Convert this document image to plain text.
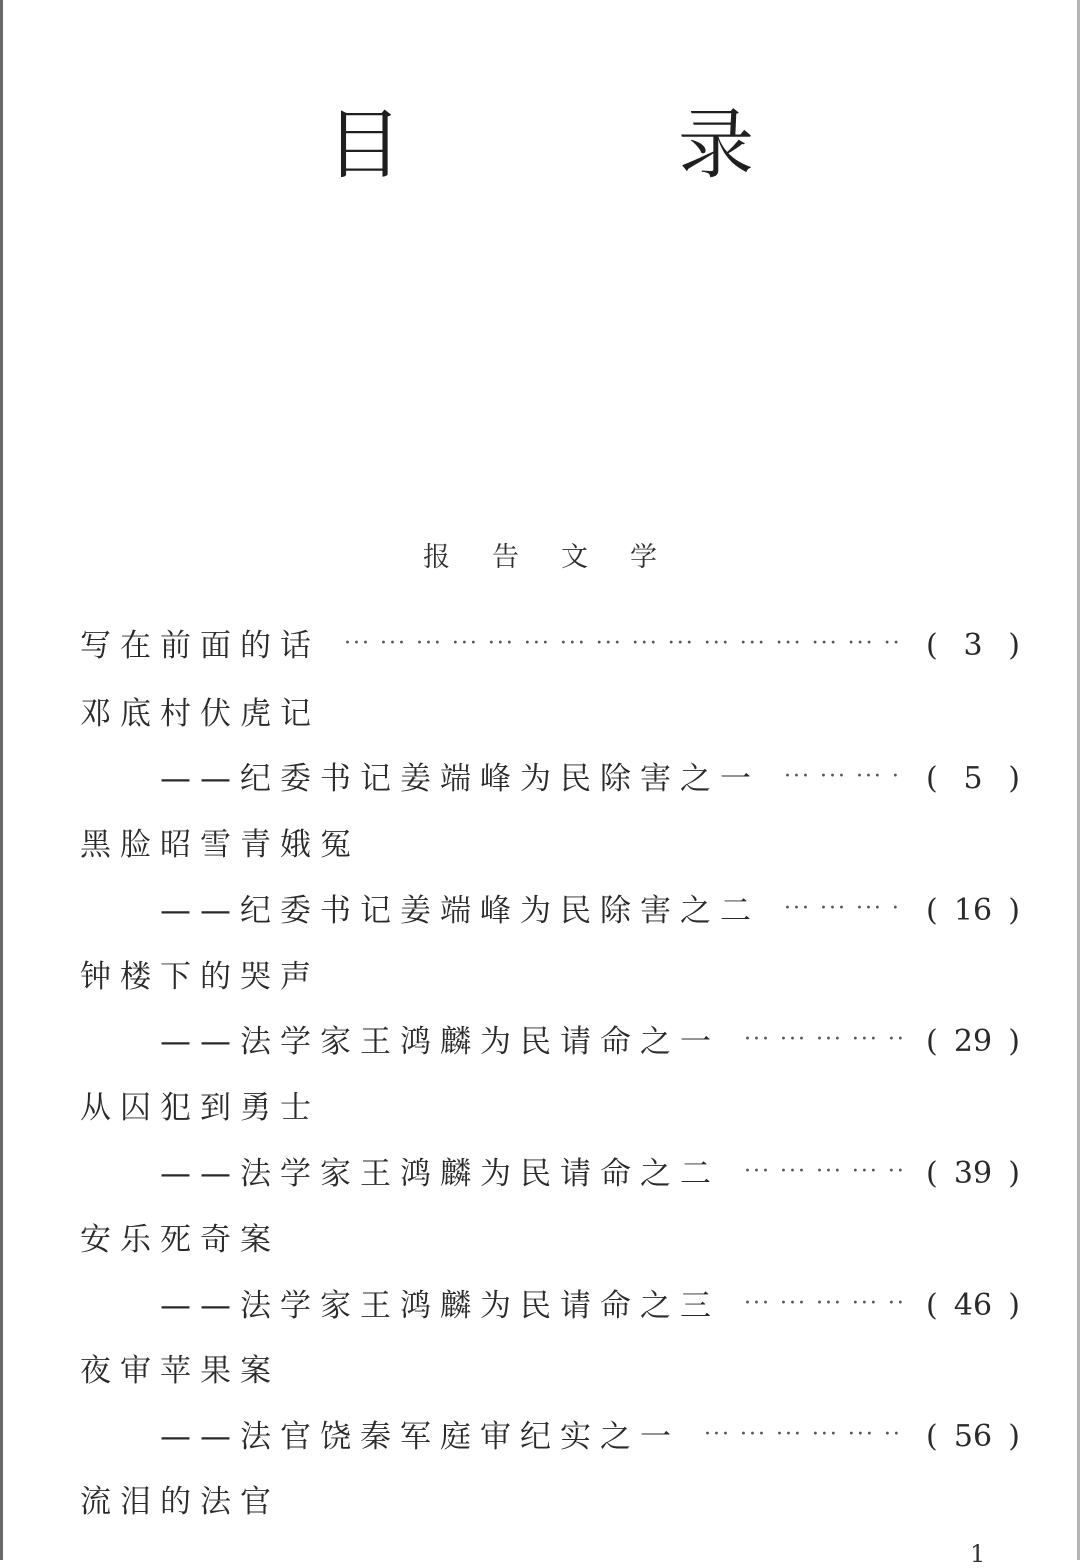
目　录
报告文学
写在前面的话 ··· ·	( 3 )
邓底村伏虎记
——纪委书记姜端峰为民除害之一 ··· ·	( 5 )
黑脸昭雪青娥冤
——纪委书记姜端峰为民除害之二 ··· ·	( 16 )
钟楼下的哭声
——法学家王鸿麟为民请命之一 ··· ·	( 29 )
从囚犯到勇士
——法学家王鸿麟为民请命之二 ··· ·	( 39 )
安乐死奇案
——法学家王鸿麟为民请命之三 ··· ·	( 46 )
夜审苹果案
——法官饶秦军庭审纪实之一 ··· ·	( 56 )
流泪的法官
1
